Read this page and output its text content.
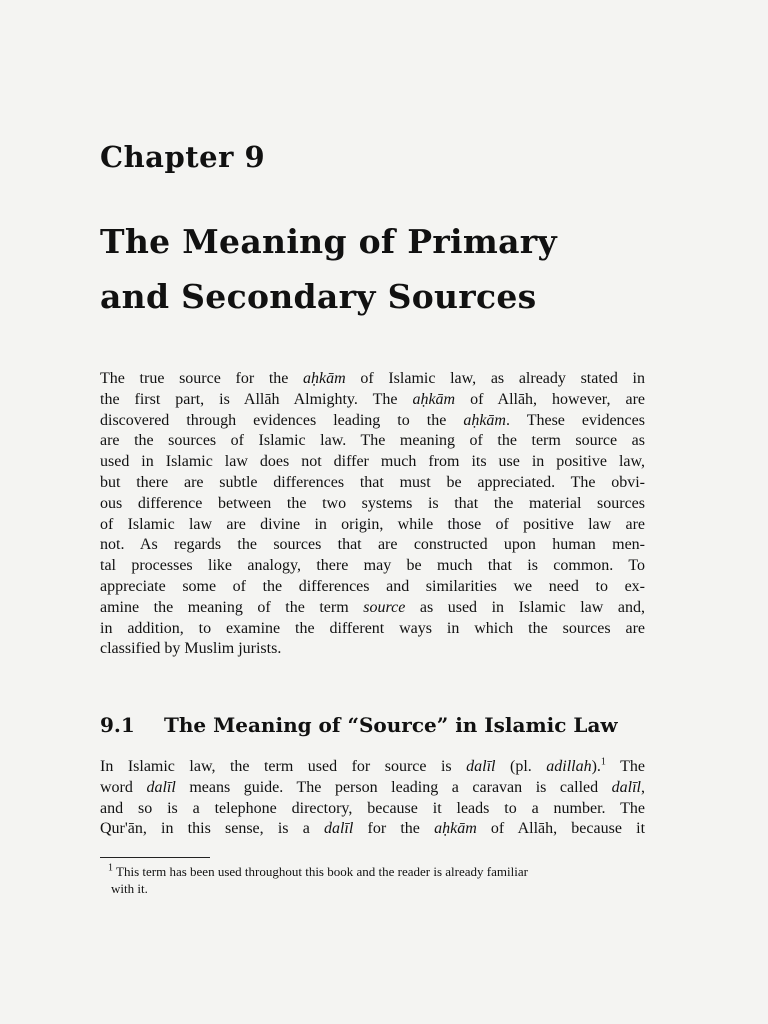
Chapter 9
The Meaning of Primary
and Secondary Sources

The true source for the aḥkām of Islamic law, as already stated in
the first part, is Allāh Almighty. The aḥkām of Allāh, however, are
discovered through evidences leading to the aḥkām. These evidences
are the sources of Islamic law. The meaning of the term source as
used in Islamic law does not differ much from its use in positive law,
but there are subtle differences that must be appreciated. The obvi-
ous difference between the two systems is that the material sources
of Islamic law are divine in origin, while those of positive law are
not. As regards the sources that are constructed upon human men-
tal processes like analogy, there may be much that is common. To
appreciate some of the differences and similarities we need to ex-
amine the meaning of the term source as used in Islamic law and,
in addition, to examine the different ways in which the sources are
classified by Muslim jurists.

9.1 The Meaning of “Source” in Islamic Law

In Islamic law, the term used for source is dalīl (pl. adillah).$^1$ The
word dalīl means guide. The person leading a caravan is called dalīl,
and so is a telephone directory, because it leads to a number. The
Qur'ān, in this sense, is a dalīl for the aḥkām of Allāh, because it

$^1$ This term has been used throughout this book and the reader is already familiar
with it.
